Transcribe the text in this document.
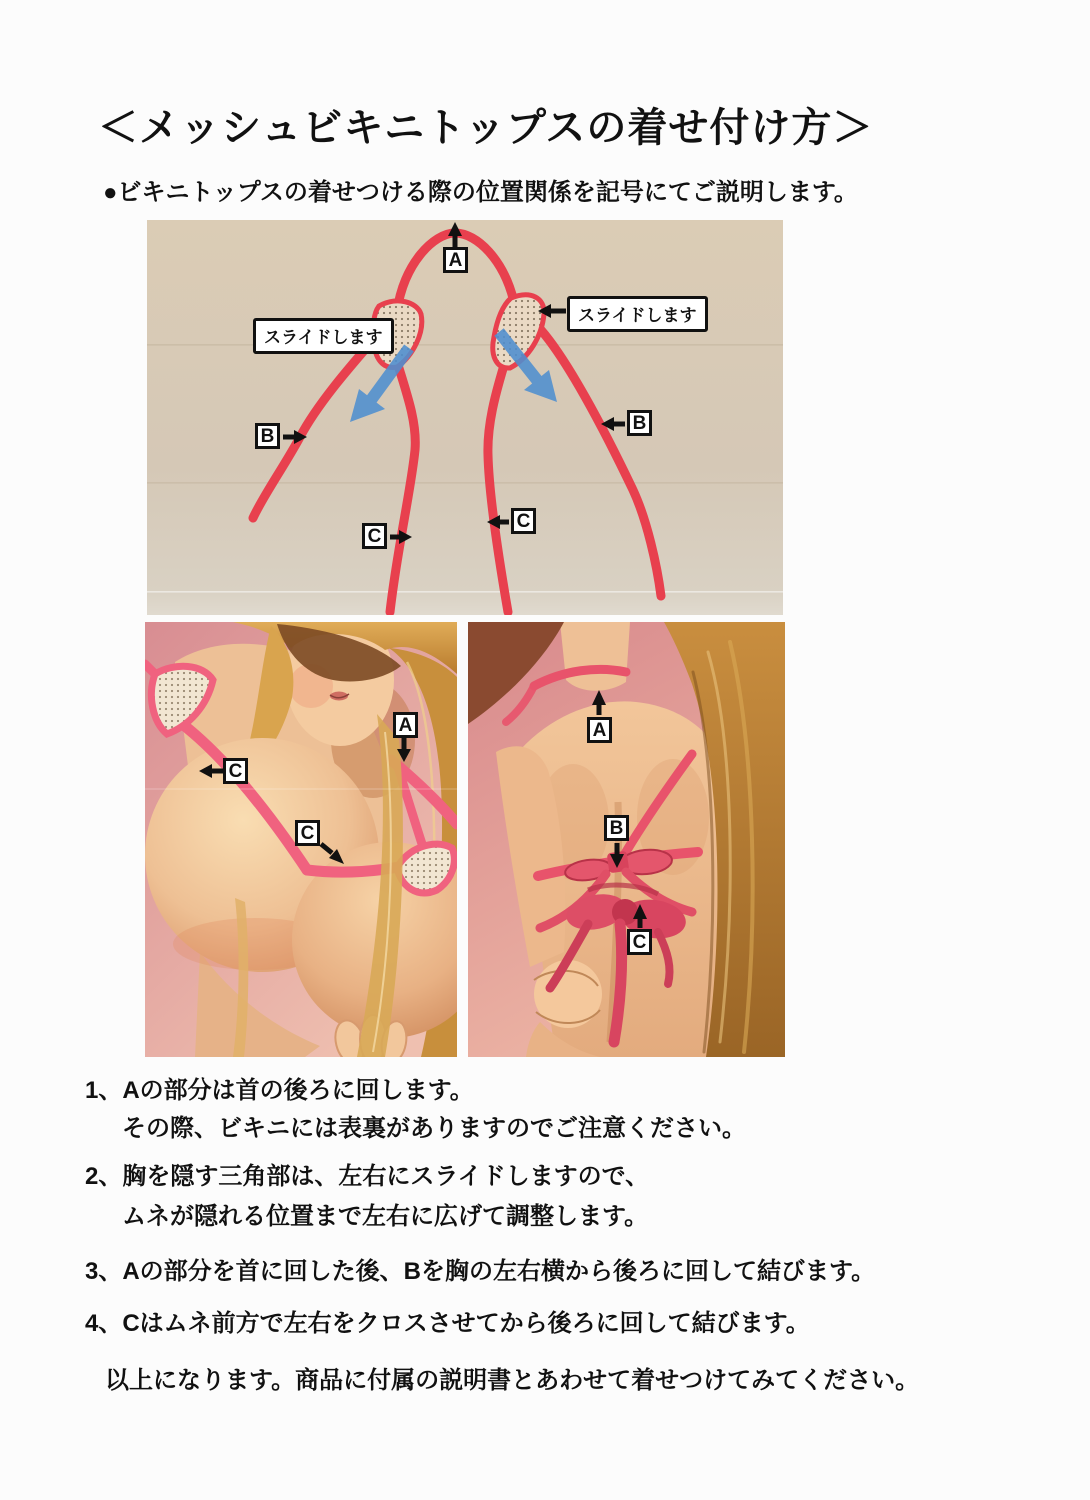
＜メッシュビキニトップスの着せ付け方＞
●ビキニトップスの着せつける際の位置関係を記号にてご説明します。
A
スライドします
スライドします
B
B
C
C
A
C
C
A
B
C
1、Aの部分は首の後ろに回します。
その際、ビキニには表裏がありますのでご注意ください。
2、胸を隠す三角部は、左右にスライドしますので、
ムネが隠れる位置まで左右に広げて調整します。
3、Aの部分を首に回した後、Bを胸の左右横から後ろに回して結びます。
4、Cはムネ前方で左右をクロスさせてから後ろに回して結びます。
以上になります。商品に付属の説明書とあわせて着せつけてみてください。
